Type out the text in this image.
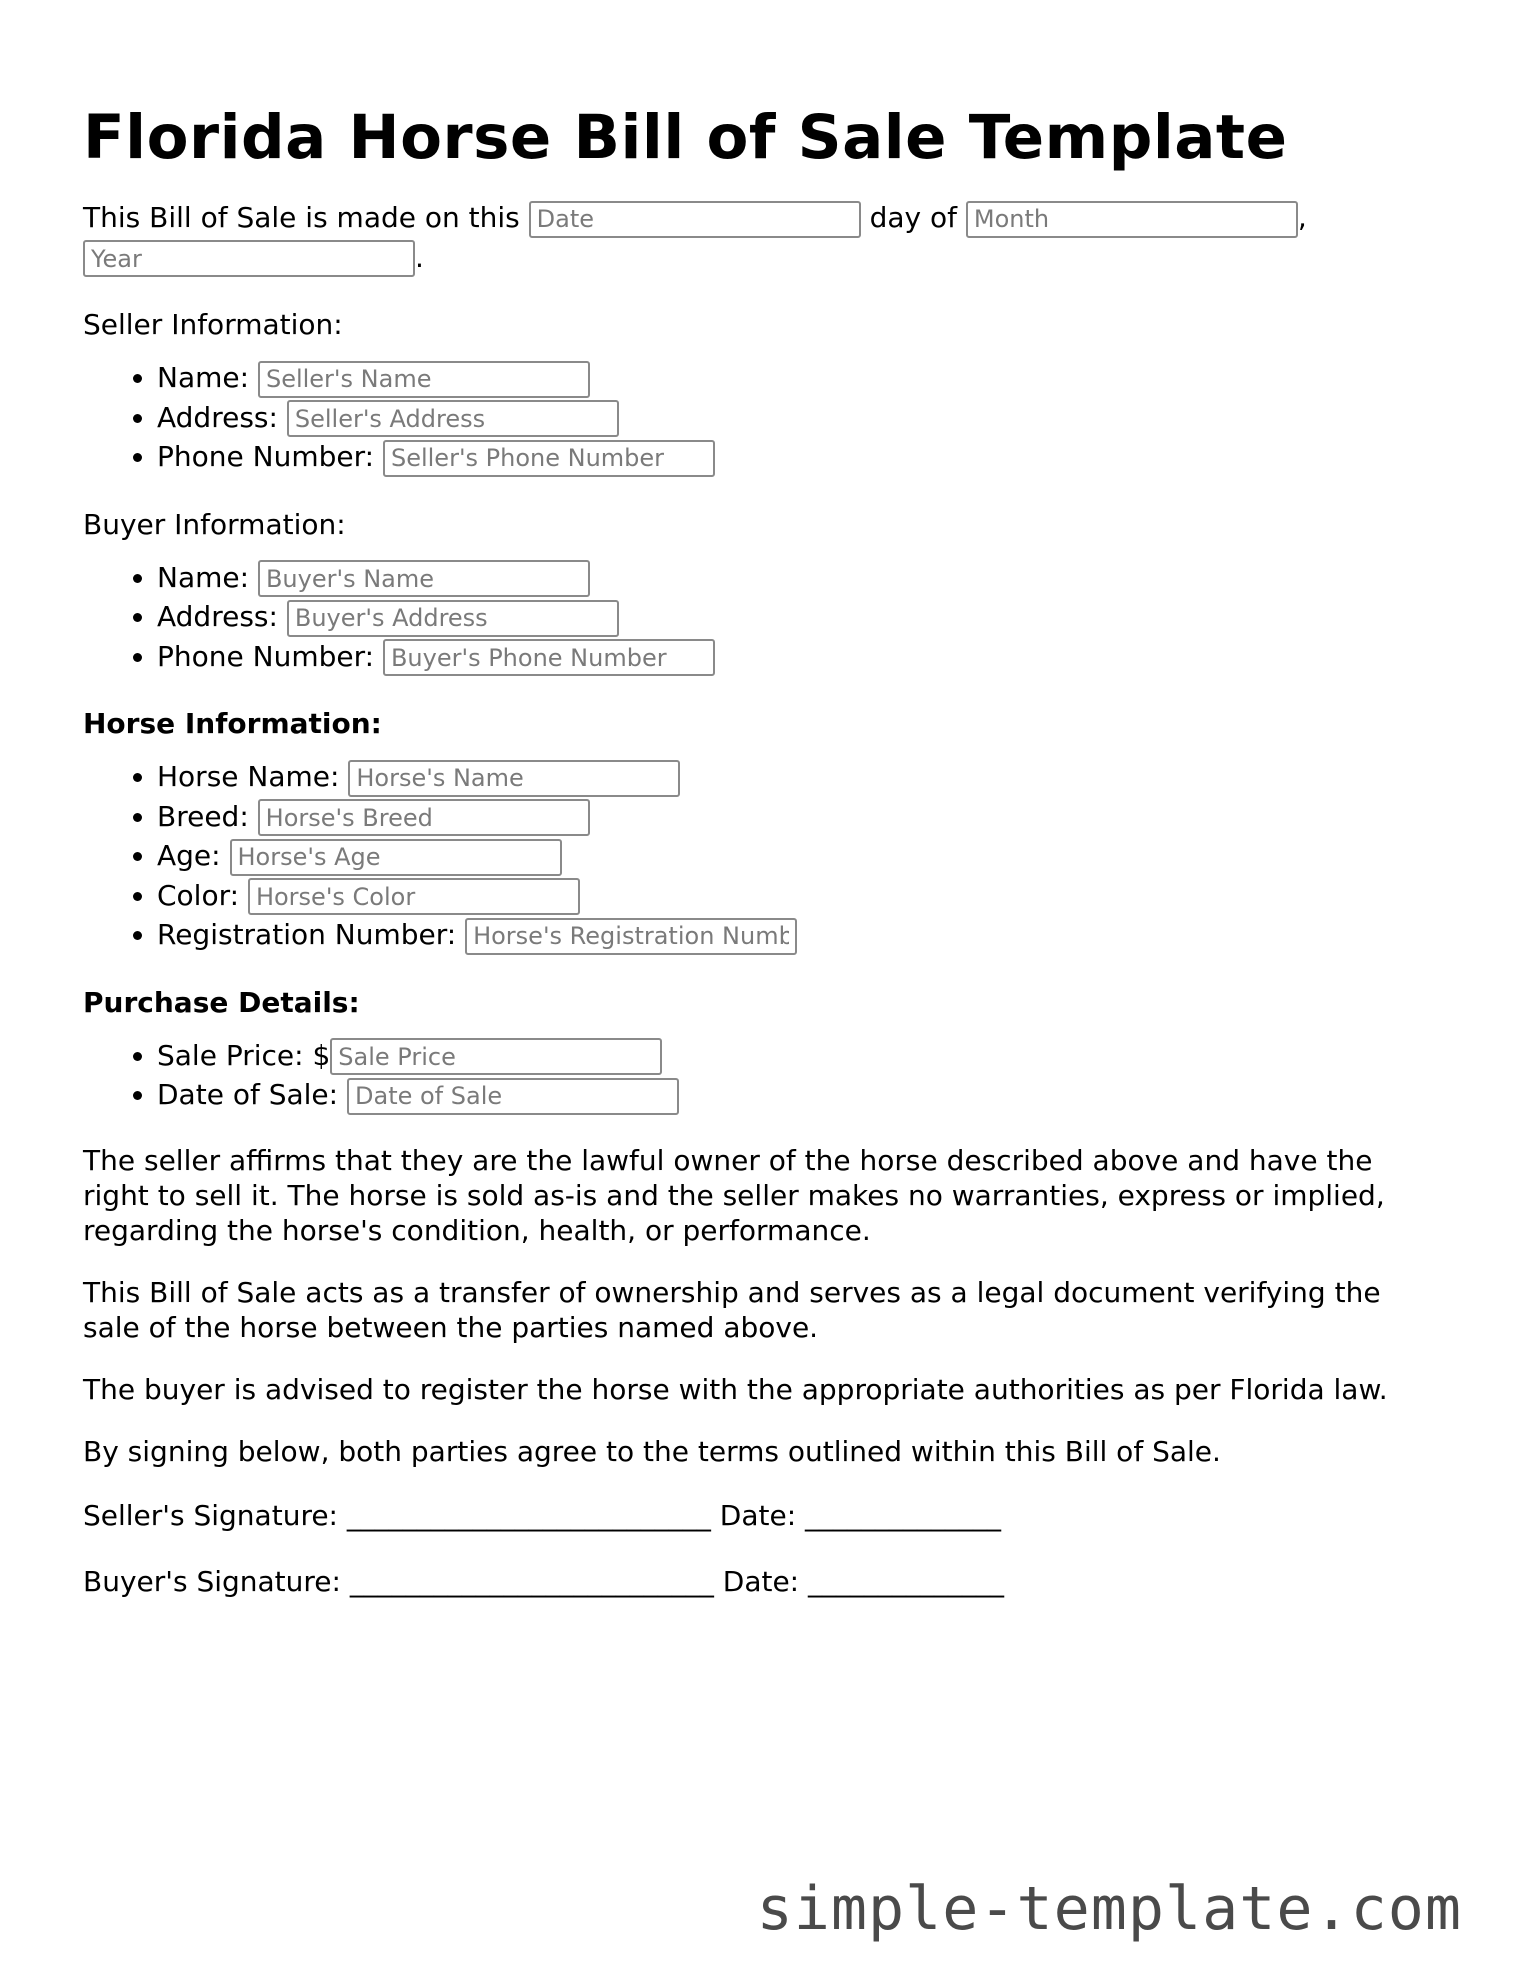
Florida Horse Bill of Sale Template

This Bill of Sale is made on this Date	day of Month	, Year.

Seller Information:

• Name: Seller's Name
• Address: Seller's Address
• Phone Number: Seller's Phone Number

Buyer Information:

• Name: Buyer's Name
• Address: Buyer's Address
• Phone Number: Buyer's Phone Number

Horse Information:

• Horse Name: Horse's Name
• Breed: Horse's Breed
• Age: Horse's Age
• Color: Horse's Color
• Registration Number: Horse's Registration Number

Purchase Details:

• Sale Price: $Sale Price
• Date of Sale: Date of Sale

The seller affirms that they are the lawful owner of the horse described above and have the right to sell it. The horse is sold as-is and the seller makes no warranties, express or implied, regarding the horse's condition, health, or performance.

This Bill of Sale acts as a transfer of ownership and serves as a legal document verifying the sale of the horse between the parties named above.

The buyer is advised to register the horse with the appropriate authorities as per Florida law.

By signing below, both parties agree to the terms outlined within this Bill of Sale.

Seller's Signature: __________________________ Date: ______________

Buyer's Signature: __________________________ Date: ______________

simple-template.com
